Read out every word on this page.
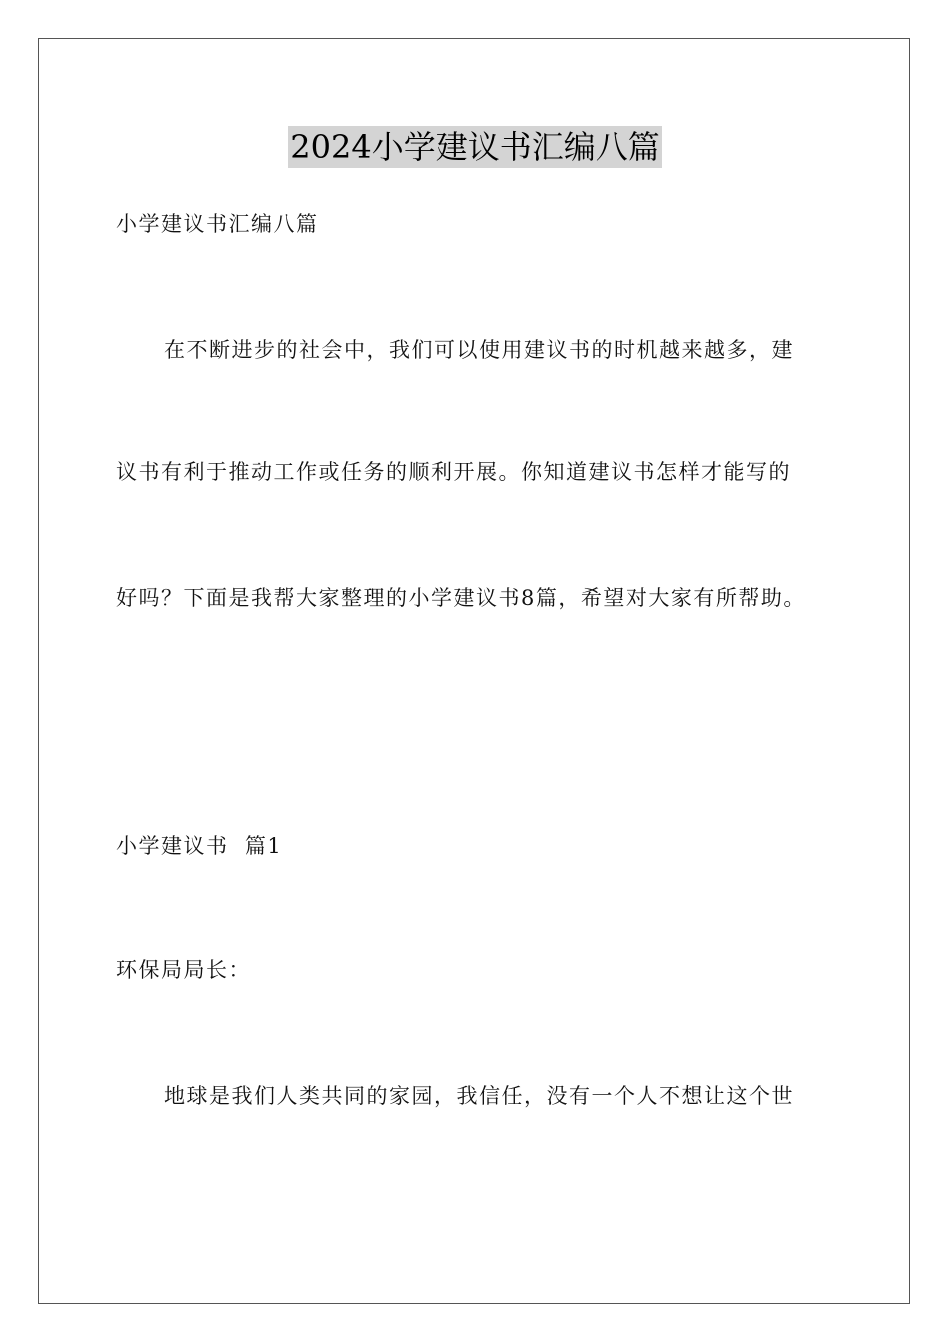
2024小学建议书汇编八篇
小学建议书汇编八篇
在不断进步的社会中，我们可以使用建议书的时机越来越多，建
议书有利于推动工作或任务的顺利开展。你知道建议书怎样才能写的
好吗？下面是我帮大家整理的小学建议书8篇，希望对大家有所帮助。
小学建议书  篇1
环保局局长：
地球是我们人类共同的家园，我信任，没有一个人不想让这个世
